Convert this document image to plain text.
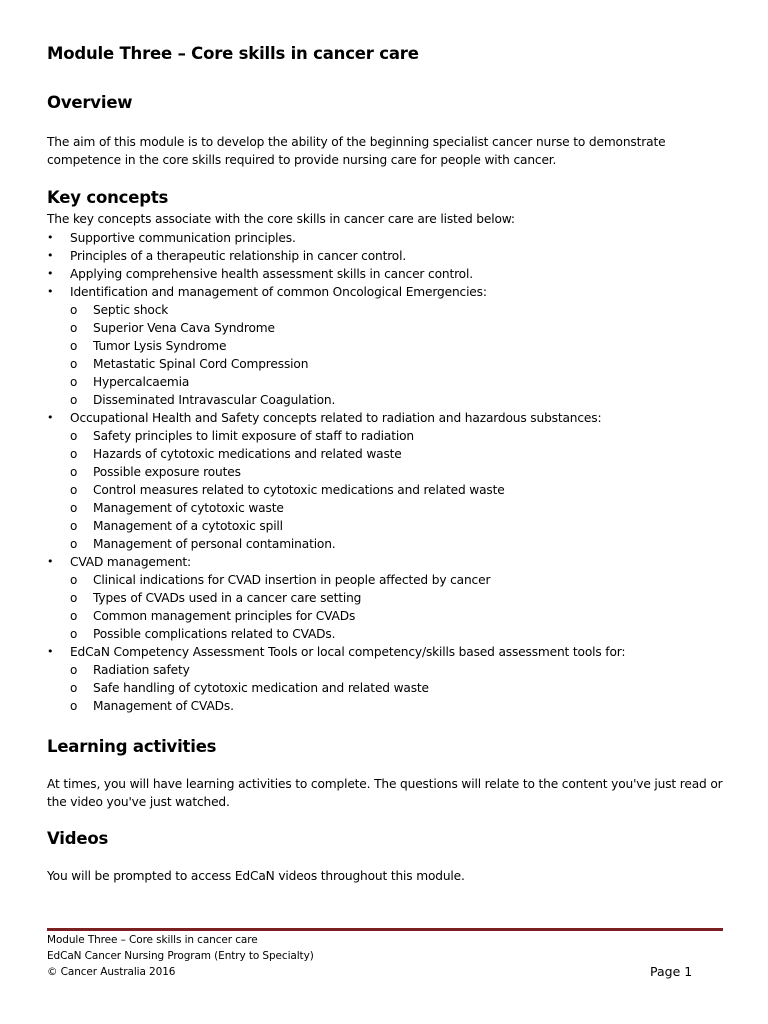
Module Three – Core skills in cancer care
Overview
The aim of this module is to develop the ability of the beginning specialist cancer nurse to demonstrate competence in the core skills required to provide nursing care for people with cancer.
Key concepts
The key concepts associate with the core skills in cancer care are listed below:
• Supportive communication principles.
• Principles of a therapeutic relationship in cancer control.
• Applying comprehensive health assessment skills in cancer control.
• Identification and management of common Oncological Emergencies:
o Septic shock
o Superior Vena Cava Syndrome
o Tumor Lysis Syndrome
o Metastatic Spinal Cord Compression
o Hypercalcaemia
o Disseminated Intravascular Coagulation.
• Occupational Health and Safety concepts related to radiation and hazardous substances:
o Safety principles to limit exposure of staff to radiation
o Hazards of cytotoxic medications and related waste
o Possible exposure routes
o Control measures related to cytotoxic medications and related waste
o Management of cytotoxic waste
o Management of a cytotoxic spill
o Management of personal contamination.
• CVAD management:
o Clinical indications for CVAD insertion in people affected by cancer
o Types of CVADs used in a cancer care setting
o Common management principles for CVADs
o Possible complications related to CVADs.
• EdCaN Competency Assessment Tools or local competency/skills based assessment tools for:
o Radiation safety
o Safe handling of cytotoxic medication and related waste
o Management of CVADs.
Learning activities
At times, you will have learning activities to complete. The questions will relate to the content you've just read or the video you've just watched.
Videos
You will be prompted to access EdCaN videos throughout this module.
Module Three – Core skills in cancer care
EdCaN Cancer Nursing Program (Entry to Specialty)
© Cancer Australia 2016	Page 1
